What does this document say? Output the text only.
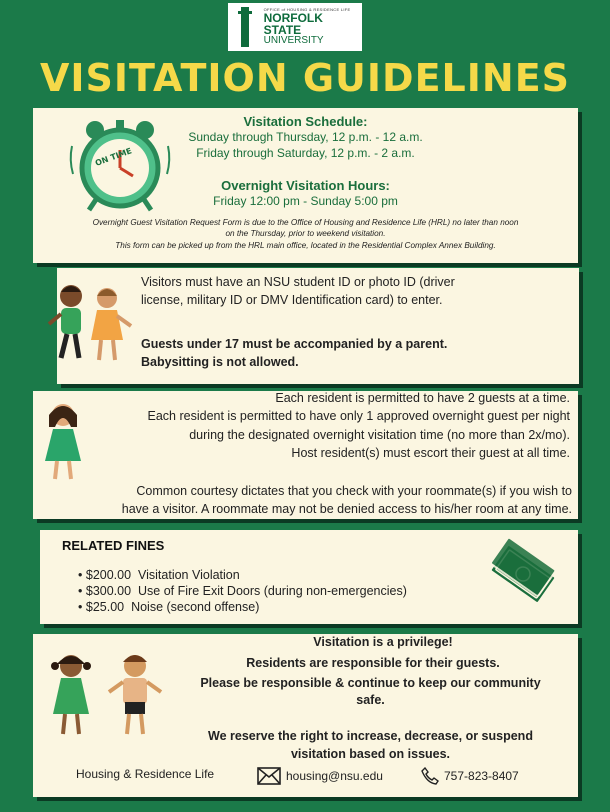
OFFICE of HOUSING & RESIDENCE LIFE
NORFOLK STATE
UNIVERSITY
VISITATION GUIDELINES
ON TIME
Visitation Schedule:
Sunday through Thursday, 12 p.m. - 12 a.m.
Friday through Saturday, 12 p.m. - 2 a.m.
Overnight Visitation Hours:
Friday 12:00 pm - Sunday 5:00 pm
Overnight Guest Visitation Request Form is due to the Office of Housing and Residence Life (HRL) no later than noon
on the Thursday, prior to weekend visitation.
This form can be picked up from the HRL main office, located in the Residential Complex Annex Building.
Visitors must have an NSU student ID or photo ID (driver
license, military ID or DMV Identification card) to enter.
Guests under 17 must be accompanied by a parent.
Babysitting is not allowed.
Each resident is permitted to have 2 guests at a time.
Each resident is permitted to have only 1 approved overnight guest per night
during the designated overnight visitation time (no more than 2x/mo).
Host resident(s) must escort their guest at all time.
Common courtesy dictates that you check with your roommate(s) if you wish to
have a visitor. A roommate may not be denied access to his/her room at any time.
RELATED FINES
• $200.00 Visitation Violation
• $300.00 Use of Fire Exit Doors (during non-emergencies)
• $25.00 Noise (second offense)
Visitation is a privilege!
Residents are responsible for their guests.
Please be responsible & continue to keep our community
safe.
We reserve the right to increase, decrease, or suspend
visitation based on issues.
Housing & Residence Life	housing@nsu.edu	757-823-8407
